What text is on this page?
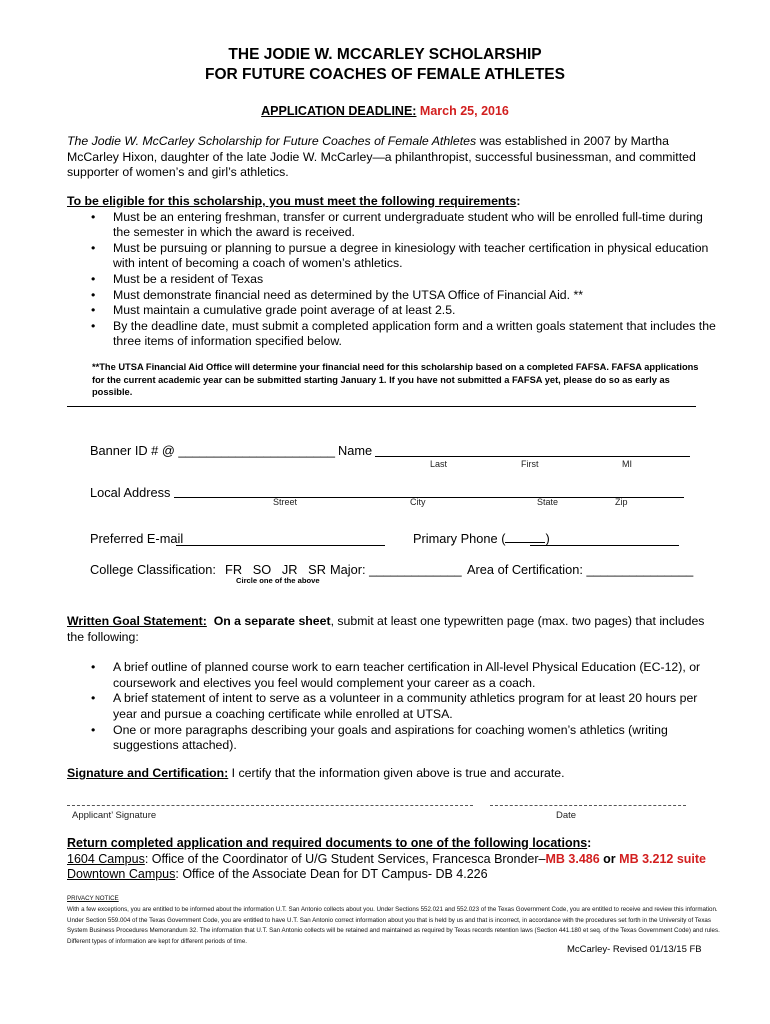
THE JODIE W. MCCARLEY SCHOLARSHIP
FOR FUTURE COACHES OF FEMALE ATHLETES
APPLICATION DEADLINE: March 25, 2016
The Jodie W. McCarley Scholarship for Future Coaches of Female Athletes was established in 2007 by Martha McCarley Hixon, daughter of the late Jodie W. McCarley—a philanthropist, successful businessman, and committed supporter of women’s and girl’s athletics.
To be eligible for this scholarship, you must meet the following requirements:
• Must be an entering freshman, transfer or current undergraduate student who will be enrolled full-time during the semester in which the award is received.
• Must be pursuing or planning to pursue a degree in kinesiology with teacher certification in physical education with intent of becoming a coach of women’s athletics.
• Must be a resident of Texas
• Must demonstrate financial need as determined by the UTSA Office of Financial Aid. **
• Must maintain a cumulative grade point average of at least 2.5.
• By the deadline date, must submit a completed application form and a written goals statement that includes the three items of information specified below.
**The UTSA Financial Aid Office will determine your financial need for this scholarship based on a completed FAFSA. FAFSA applications for the current academic year can be submitted starting January 1. If you have not submitted a FAFSA yet, please do so as early as possible.
Banner ID # @ ______________________ Name
Last	First	MI
Local Address
Street	City	State	Zip
Preferred E-mail	Primary Phone (	)
College Classification: FR   SO   JR   SR
Circle one of the above
Major: _____________ Area of Certification: _______________
Written Goal Statement: On a separate sheet, submit at least one typewritten page (max. two pages) that includes the following:
• A brief outline of planned course work to earn teacher certification in All-level Physical Education (EC-12), or coursework and electives you feel would complement your career as a coach.
• A brief statement of intent to serve as a volunteer in a community athletics program for at least 20 hours per year and pursue a coaching certificate while enrolled at UTSA.
• One or more paragraphs describing your goals and aspirations for coaching women’s athletics (writing suggestions attached).
Signature and Certification: I certify that the information given above is true and accurate.
Applicant’ Signature	Date
Return completed application and required documents to one of the following locations:
1604 Campus: Office of the Coordinator of U/G Student Services, Francesca Bronder–MB 3.486 or MB 3.212 suite
Downtown Campus: Office of the Associate Dean for DT Campus- DB 4.226
PRIVACY NOTICE
With a few exceptions, you are entitled to be informed about the information U.T. San Antonio collects about you. Under Sections 552.021 and 552.023 of the Texas Government Code, you are entitled to receive and review this information. Under Section 559.004 of the Texas Government Code, you are entitled to have U.T. San Antonio correct information about you that is held by us and that is incorrect, in accordance with the procedures set forth in the University of Texas System Business Procedures Memorandum 32. The information that U.T. San Antonio collects will be retained and maintained as required by Texas records retention laws (Section 441.180 et seq. of the Texas Government Code) and rules. Different types of information are kept for different periods of time.
McCarley- Revised 01/13/15 FB
